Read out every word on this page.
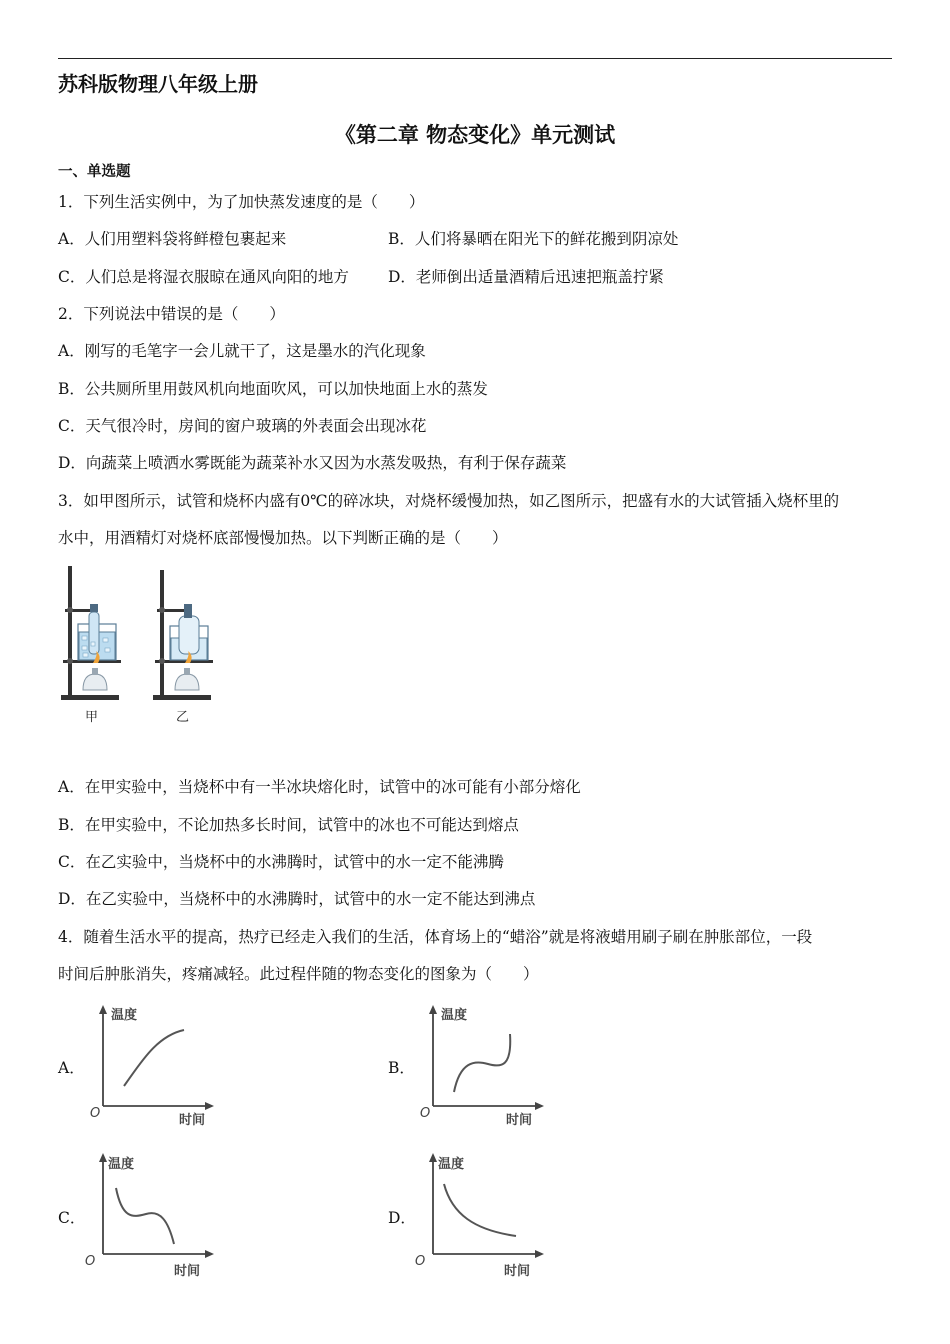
苏科版物理八年级上册
《第二章 物态变化》单元测试
一、单选题
1．下列生活实例中，为了加快蒸发速度的是（　　）
A．人们用塑料袋将鲜橙包裹起来	B．人们将暴晒在阳光下的鲜花搬到阴凉处
C．人们总是将湿衣服晾在通风向阳的地方	D．老师倒出适量酒精后迅速把瓶盖拧紧
2．下列说法中错误的是（　　）
A．刚写的毛笔字一会儿就干了，这是墨水的汽化现象
B．公共厕所里用鼓风机向地面吹风，可以加快地面上水的蒸发
C．天气很冷时，房间的窗户玻璃的外表面会出现冰花
D．向蔬菜上喷洒水雾既能为蔬菜补水又因为水蒸发吸热，有利于保存蔬菜
3．如甲图所示，试管和烧杯内盛有0℃的碎冰块，对烧杯缓慢加热，如乙图所示，把盛有水的大试管插入烧杯里的
水中，用酒精灯对烧杯底部慢慢加热。以下判断正确的是（　　）
甲	乙
A．在甲实验中，当烧杯中有一半冰块熔化时，试管中的冰可能有小部分熔化
B．在甲实验中，不论加热多长时间，试管中的冰也不可能达到熔点
C．在乙实验中，当烧杯中的水沸腾时，试管中的水一定不能沸腾
D．在乙实验中，当烧杯中的水沸腾时，试管中的水一定不能达到沸点
4．随着生活水平的提高，热疗已经走入我们的生活，体育场上的“蜡浴”就是将液蜡用刷子刷在肿胀部位，一段
时间后肿胀消失，疼痛减轻。此过程伴随的物态变化的图象为（　　）
A．	B．
C．	D．
温度
时间
O
温度
时间
O
温度
时间
O
温度
时间
O
